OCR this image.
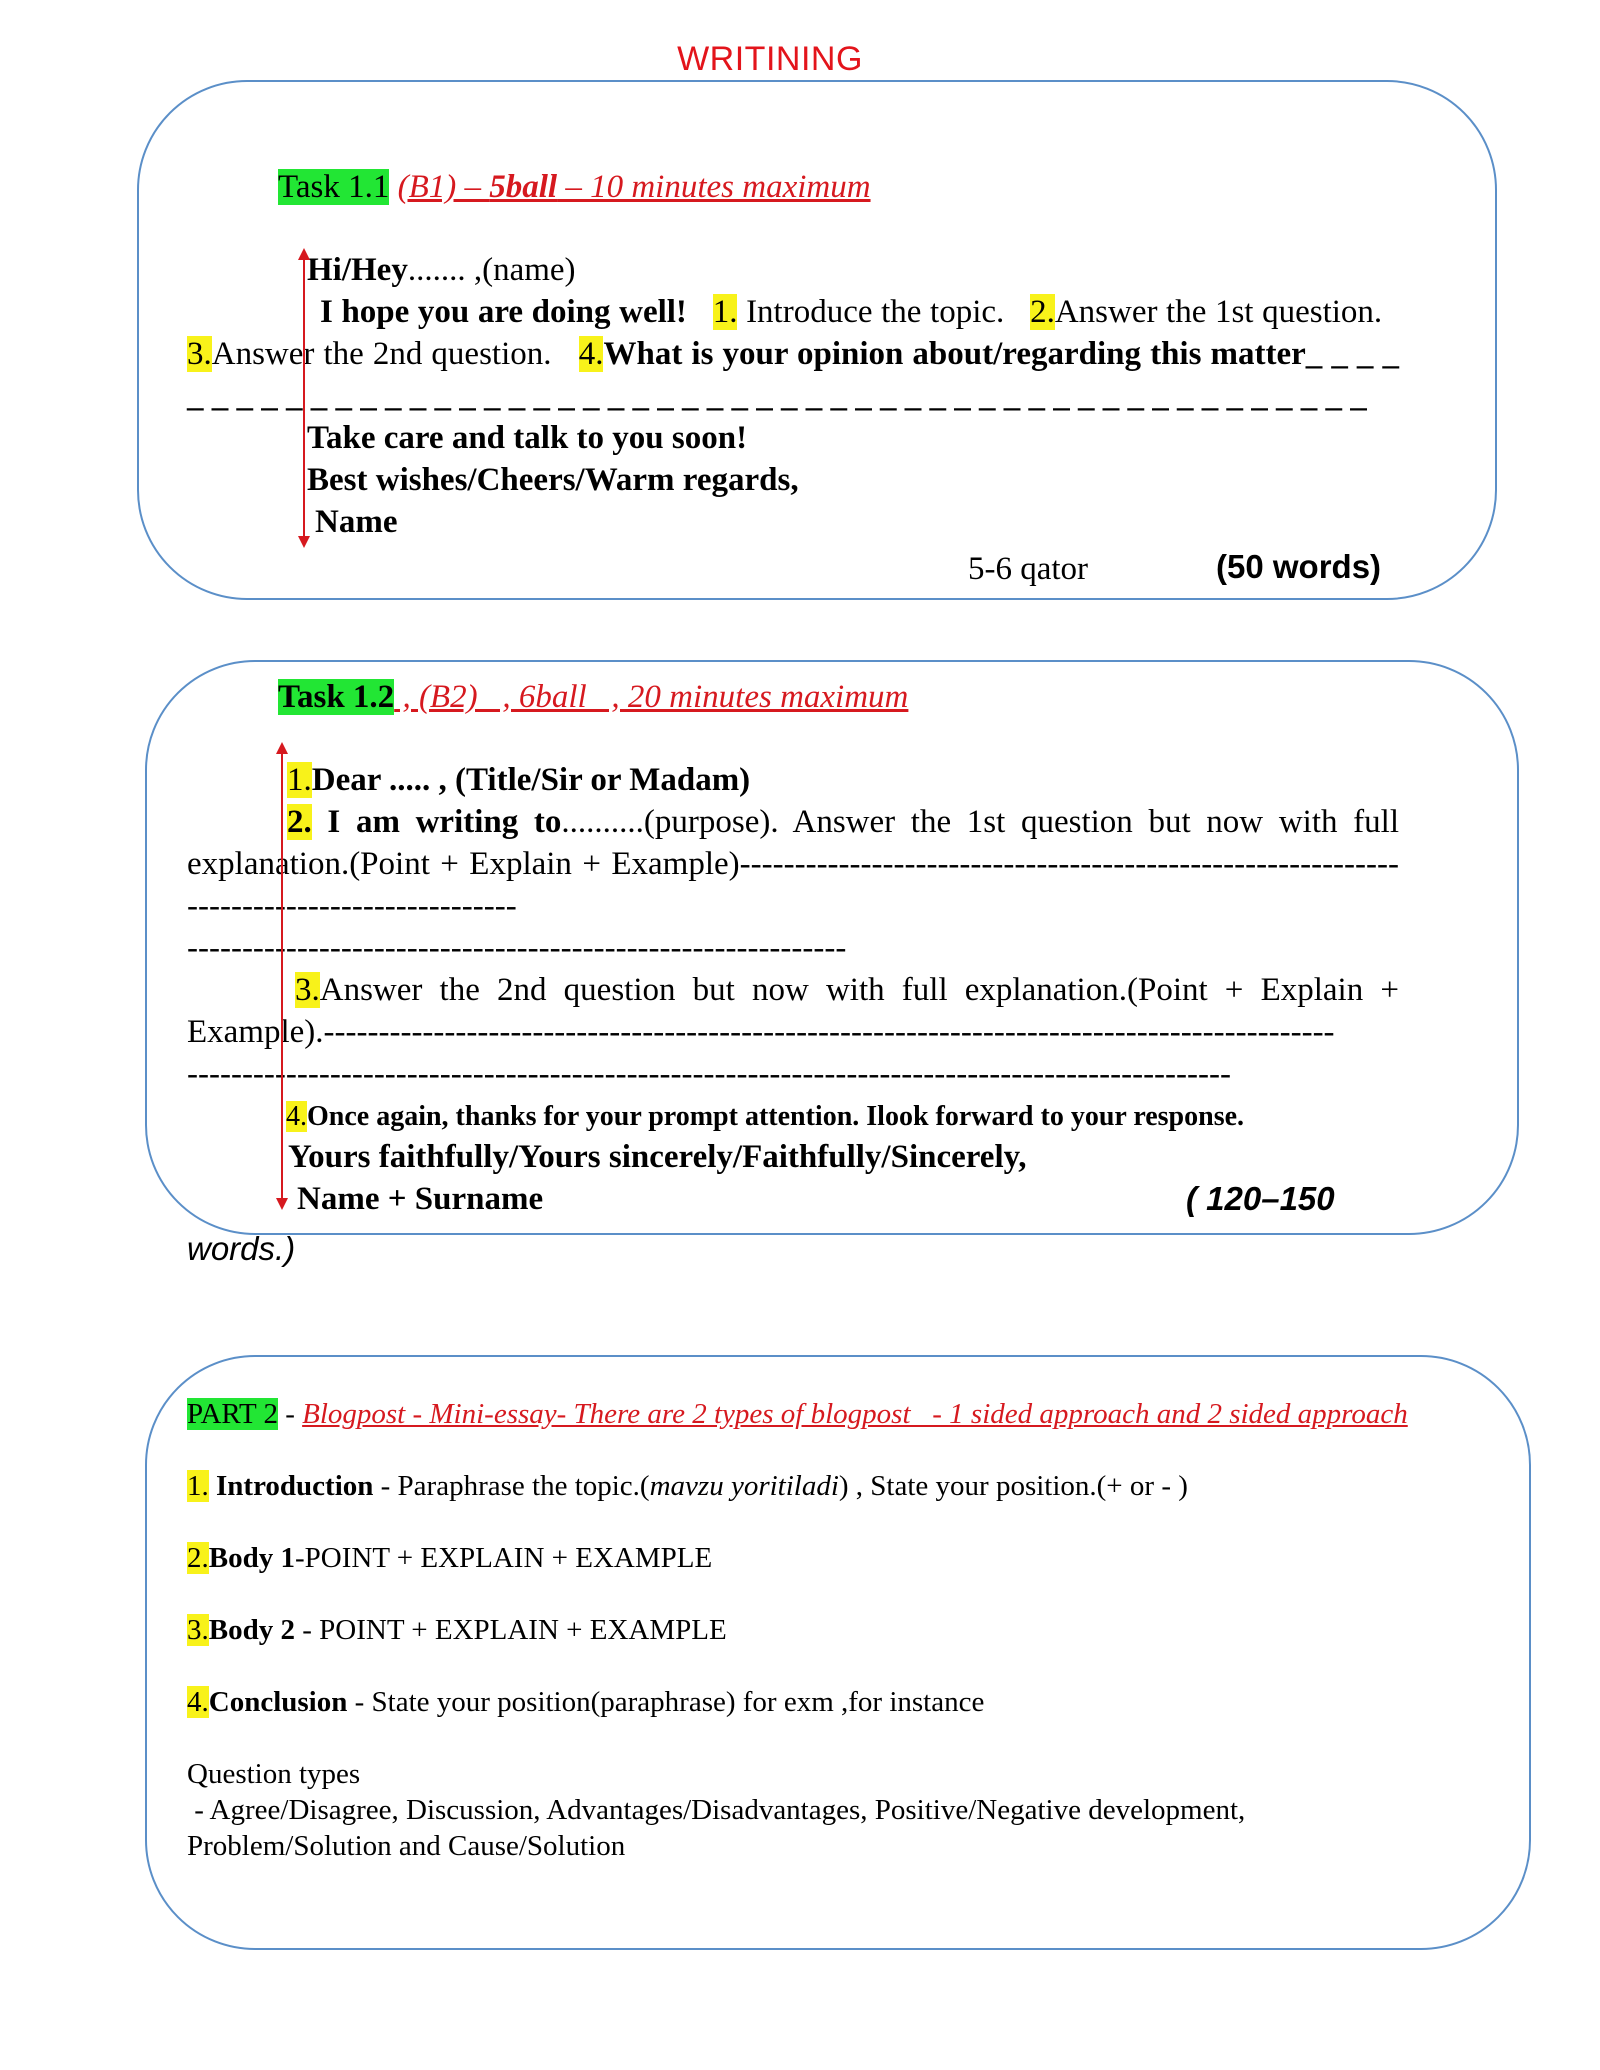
WRITINING
Task 1.1 (B1) – 5ball – 10 minutes maximum
Hi/Hey....... ,(name)
I hope you are doing well! 1. Introduce the topic. 2.Answer the 1st question.   3.Answer the 2nd question. 4.What is your opinion about/regarding this matter_ _ _ _ _ _ _ _ _ _ _ _ _ _ _ _ _ _ _ _ _ _ _ _ _ _ _ _ _ _ _ _ _ _ _ _ _ _ _ _ _ _ _ _ _ _ _ _ _ _ _ _
Take care and talk to you soon!
Best wishes/Cheers/Warm regards,
Name
5-6 qator	(50 words)
Task 1.2 , (B2)   , 6ball   , 20 minutes maximum
1.Dear ..... , (Title/Sir or Madam)
2. I am writing to..........(purpose). Answer the 1st question but now with full explanation.(Point + Explain + Example)------------------------------------------------------------------------------------------
------------------------------------------------------------
3.Answer the 2nd question but now with full explanation.(Point + Explain + Example).--------------------------------------------------------------------------------------------
-----------------------------------------------------------------------------------------------
4.Once again, thanks for your prompt attention. Ilook forward to your response.
Yours faithfully/Yours sincerely/Faithfully/Sincerely,
Name + Surname	( 120–150
words.)
PART 2 - Blogpost - Mini-essay- There are 2 types of blogpost   - 1 sided approach and 2 sided approach
1. Introduction - Paraphrase the topic.(mavzu yoritiladi) , State your position.(+ or - )
2.Body 1-POINT + EXPLAIN + EXAMPLE
3.Body 2 - POINT + EXPLAIN + EXAMPLE
4.Conclusion - State your position(paraphrase) for exm ,for instance
Question types
- Agree/Disagree, Discussion, Advantages/Disadvantages, Positive/Negative development,
Problem/Solution and Cause/Solution
